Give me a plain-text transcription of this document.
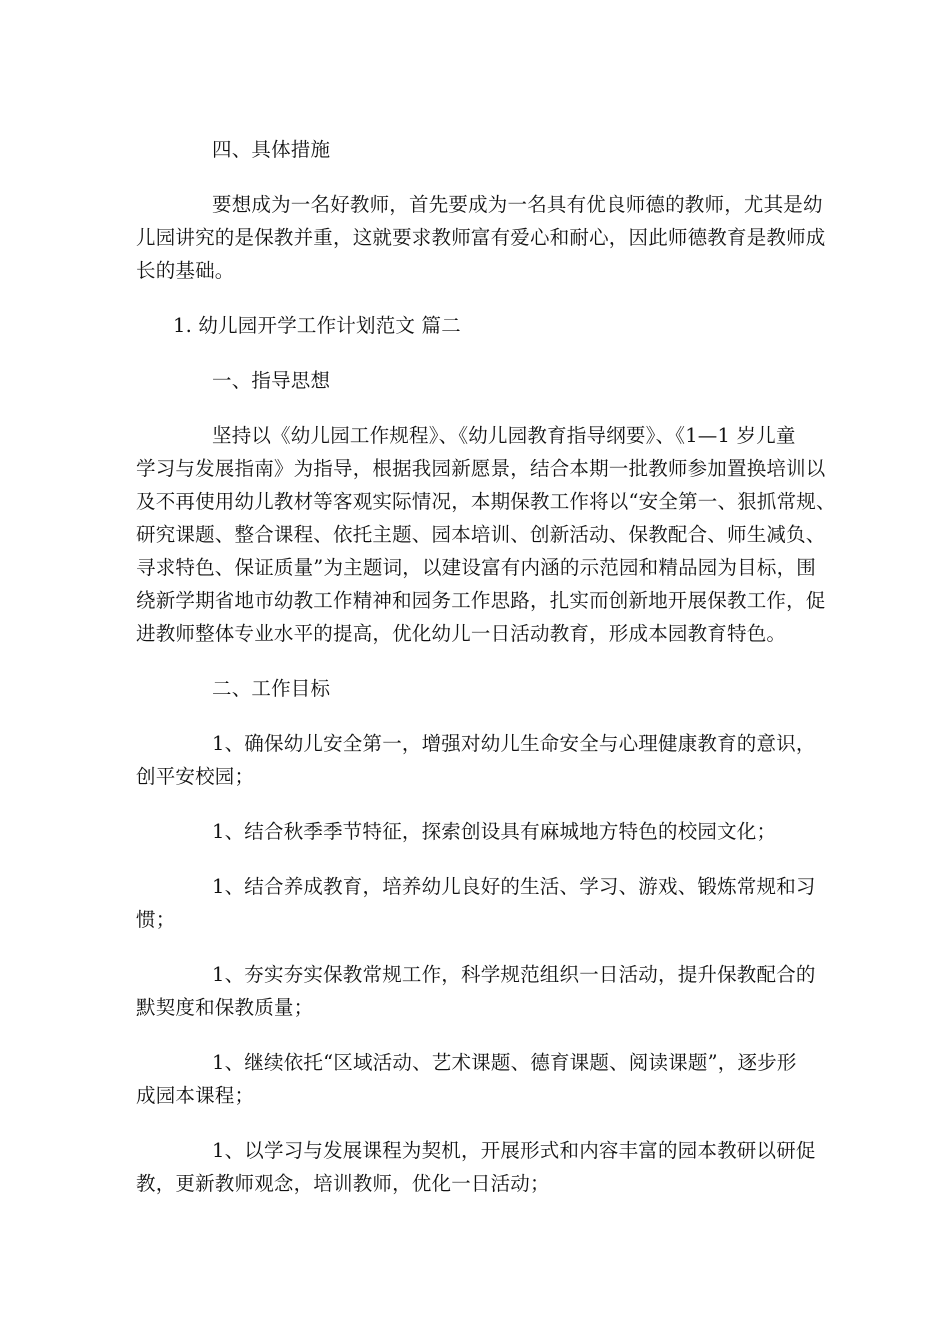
四、具体措施
要想成为一名好教师，首先要成为一名具有优良师德的教师，尤其是幼
儿园讲究的是保教并重，这就要求教师富有爱心和耐心，因此师德教育是教师成
长的基础。
1. 幼儿园开学工作计划范文 篇二
一、指导思想
坚持以《幼儿园工作规程》、《幼儿园教育指导纲要》、《1—1 岁儿童
学习与发展指南》为指导，根据我园新愿景，结合本期一批教师参加置换培训以
及不再使用幼儿教材等客观实际情况，本期保教工作将以“安全第一、狠抓常规、
研究课题、整合课程、依托主题、园本培训、创新活动、保教配合、师生减负、
寻求特色、保证质量”为主题词，以建设富有内涵的示范园和精品园为目标，围
绕新学期省地市幼教工作精神和园务工作思路，扎实而创新地开展保教工作，促
进教师整体专业水平的提高，优化幼儿一日活动教育，形成本园教育特色。
二、工作目标
1、确保幼儿安全第一，增强对幼儿生命安全与心理健康教育的意识，
创平安校园；
1、结合秋季季节特征，探索创设具有麻城地方特色的校园文化；
1、结合养成教育，培养幼儿良好的生活、学习、游戏、锻炼常规和习
惯；
1、夯实夯实保教常规工作，科学规范组织一日活动，提升保教配合的
默契度和保教质量；
1、继续依托“区域活动、艺术课题、德育课题、阅读课题”，逐步形
成园本课程；
1、以学习与发展课程为契机，开展形式和内容丰富的园本教研以研促
教，更新教师观念，培训教师，优化一日活动；
